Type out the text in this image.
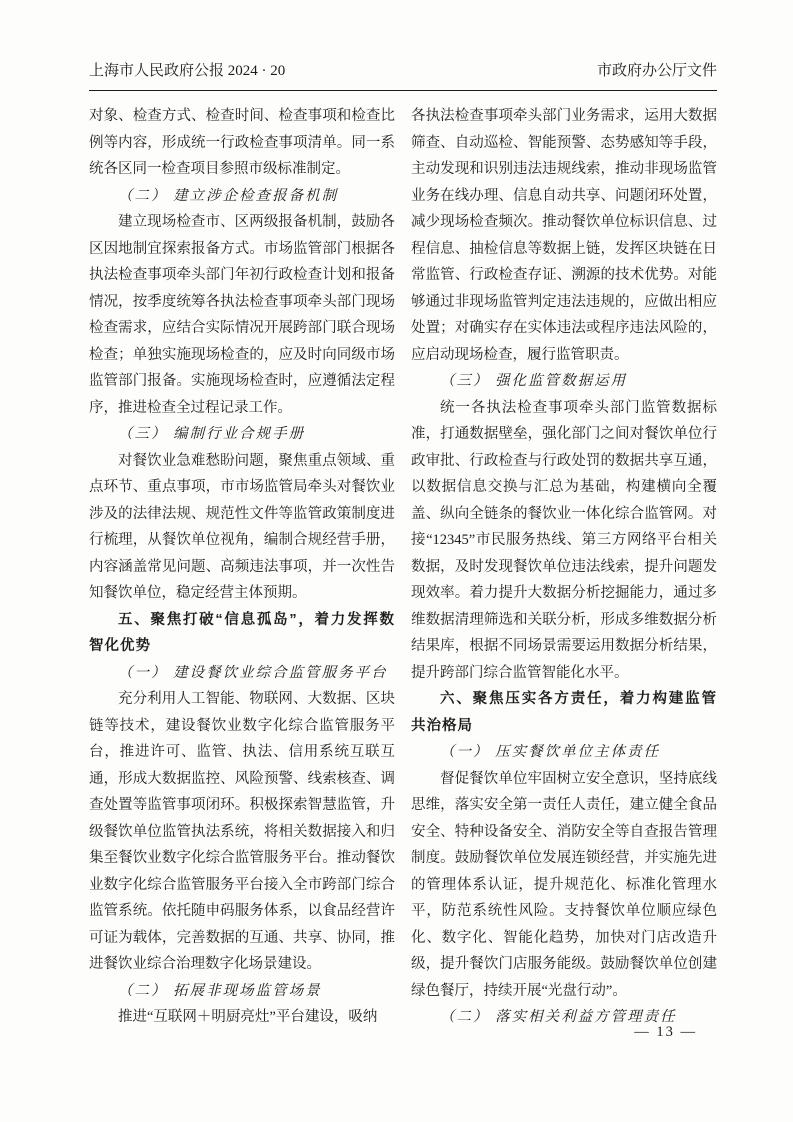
上海市人民政府公报 2024 · 20	市政府办公厅文件

对象、检查方式、检查时间、检查事项和检查比例等内容，形成统一行政检查事项清单。同一系统各区同一检查项目参照市级标准制定。

（二） 建立涉企检查报备机制

建立现场检查市、区两级报备机制，鼓励各区因地制宜探索报备方式。市场监管部门根据各执法检查事项牵头部门年初行政检查计划和报备情况，按季度统筹各执法检查事项牵头部门现场检查需求，应结合实际情况开展跨部门联合现场检查；单独实施现场检查的，应及时向同级市场监管部门报备。实施现场检查时，应遵循法定程序，推进检查全过程记录工作。

（三） 编制行业合规手册

对餐饮业急难愁盼问题，聚焦重点领域、重点环节、重点事项，市市场监管局牵头对餐饮业涉及的法律法规、规范性文件等监管政策制度进行梳理，从餐饮单位视角，编制合规经营手册，内容涵盖常见问题、高频违法事项，并一次性告知餐饮单位，稳定经营主体预期。

五、聚焦打破“信息孤岛”，着力发挥数智化优势

（一） 建设餐饮业综合监管服务平台

充分利用人工智能、物联网、大数据、区块链等技术，建设餐饮业数字化综合监管服务平台，推进许可、监管、执法、信用系统互联互通，形成大数据监控、风险预警、线索核查、调查处置等监管事项闭环。积极探索智慧监管，升级餐饮单位监管执法系统，将相关数据接入和归集至餐饮业数字化综合监管服务平台。推动餐饮业数字化综合监管服务平台接入全市跨部门综合监管系统。依托随申码服务体系，以食品经营许可证为载体，完善数据的互通、共享、协同，推进餐饮业综合治理数字化场景建设。

（二） 拓展非现场监管场景

推进“互联网＋明厨亮灶”平台建设，吸纳

各执法检查事项牵头部门业务需求，运用大数据筛查、自动巡检、智能预警、态势感知等手段，主动发现和识别违法违规线索，推动非现场监管业务在线办理、信息自动共享、问题闭环处置，减少现场检查频次。推动餐饮单位标识信息、过程信息、抽检信息等数据上链，发挥区块链在日常监管、行政检查存证、溯源的技术优势。对能够通过非现场监管判定违法违规的，应做出相应处置；对确实存在实体违法或程序违法风险的，应启动现场检查，履行监管职责。

（三） 强化监管数据运用

统一各执法检查事项牵头部门监管数据标准，打通数据壁垒，强化部门之间对餐饮单位行政审批、行政检查与行政处罚的数据共享互通，以数据信息交换与汇总为基础，构建横向全覆盖、纵向全链条的餐饮业一体化综合监管网。对接“12345”市民服务热线、第三方网络平台相关数据，及时发现餐饮单位违法线索，提升问题发现效率。着力提升大数据分析挖掘能力，通过多维数据清理筛选和关联分析，形成多维数据分析结果库，根据不同场景需要运用数据分析结果，提升跨部门综合监管智能化水平。

六、聚焦压实各方责任，着力构建监管共治格局

（一） 压实餐饮单位主体责任

督促餐饮单位牢固树立安全意识，坚持底线思维，落实安全第一责任人责任，建立健全食品安全、特种设备安全、消防安全等自查报告管理制度。鼓励餐饮单位发展连锁经营，并实施先进的管理体系认证，提升规范化、标准化管理水平，防范系统性风险。支持餐饮单位顺应绿色化、数字化、智能化趋势，加快对门店改造升级，提升餐饮门店服务能级。鼓励餐饮单位创建绿色餐厅，持续开展“光盘行动”。

（二） 落实相关利益方管理责任

— 13 —
